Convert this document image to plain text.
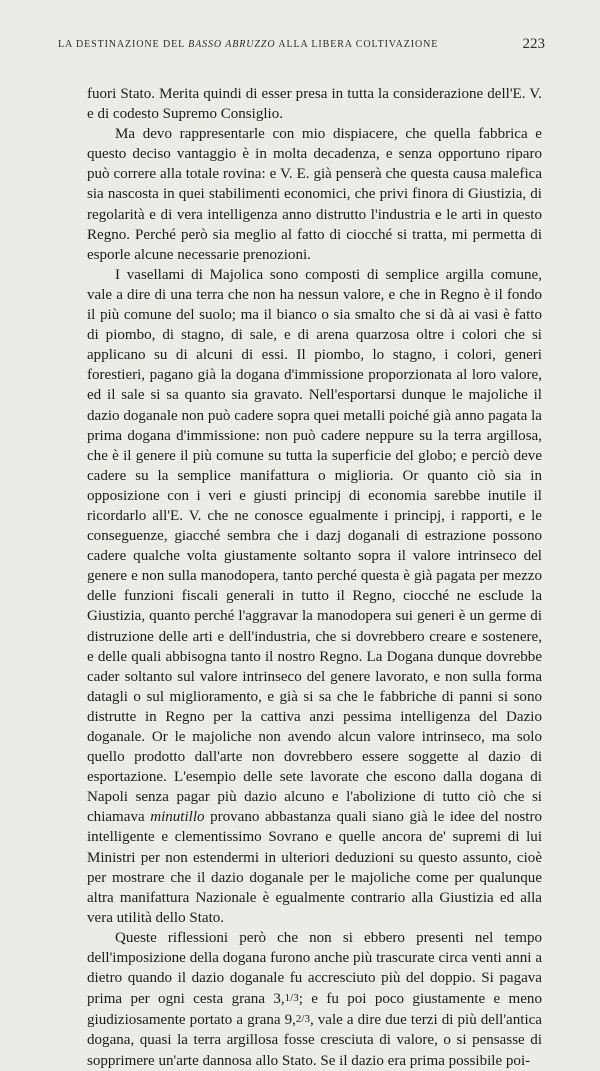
LA DESTINAZIONE DEL BASSO ABRUZZO ALLA LIBERA COLTIVAZIONE	223

fuori Stato. Merita quindi di esser presa in tutta la considerazione dell'E. V. e di codesto Supremo Consiglio.

Ma devo rappresentarle con mio dispiacere, che quella fabbrica e questo deciso vantaggio è in molta decadenza, e senza opportuno riparo può correre alla totale rovina: e V. E. già penserà che questa causa malefica sia nascosta in quei stabilimenti economici, che privi finora di Giustizia, di regolarità e di vera intelligenza anno distrutto l'industria e le arti in questo Regno. Perché però sia meglio al fatto di ciocché si tratta, mi permetta di esporle alcune necessarie prenozioni.

I vasellami di Majolica sono composti di semplice argilla comune, vale a dire di una terra che non ha nessun valore, e che in Regno è il fondo il più comune del suolo; ma il bianco o sia smalto che si dà ai vasi è fatto di piombo, di stagno, di sale, e di arena quarzosa oltre i colori che si applicano su di alcuni di essi. Il piombo, lo stagno, i colori, generi forestieri, pagano già la dogana d'immissione proporzionata al loro valore, ed il sale si sa quanto sia gravato. Nell'esportarsi dunque le majoliche il dazio doganale non può cadere sopra quei metalli poiché già anno pagata la prima dogana d'immissione: non può cadere neppure su la terra argillosa, che è il genere il più comune su tutta la superficie del globo; e perciò deve cadere su la semplice manifattura o miglioria. Or quanto ciò sia in opposizione con i veri e giusti principj di economia sarebbe inutile il ricordarlo all'E. V. che ne conosce egualmente i principj, i rapporti, e le conseguenze, giacché sembra che i dazj doganali di estrazione possono cadere qualche volta giustamente soltanto sopra il valore intrinseco del genere e non sulla manodopera, tanto perché questa è già pagata per mezzo delle funzioni fiscali generali in tutto il Regno, ciocché ne esclude la Giustizia, quanto perché l'aggravar la manodopera sui generi è un germe di distruzione delle arti e dell'industria, che si dovrebbero creare e sostenere, e delle quali abbisogna tanto il nostro Regno. La Dogana dunque dovrebbe cader soltanto sul valore intrinseco del genere lavorato, e non sulla forma datagli o sul miglioramento, e già si sa che le fabbriche di panni si sono distrutte in Regno per la cattiva anzi pessima intelligenza del Dazio doganale. Or le majoliche non avendo alcun valore intrinseco, ma solo quello prodotto dall'arte non dovrebbero essere soggette al dazio di esportazione. L'esempio delle sete lavorate che escono dalla dogana di Napoli senza pagar più dazio alcuno e l'abolizione di tutto ciò che si chiamava minutillo provano abbastanza quali siano già le idee del nostro intelligente e clementissimo Sovrano e quelle ancora de' supremi di lui Ministri per non estendermi in ulteriori deduzioni su questo assunto, cioè per mostrare che il dazio doganale per le majoliche come per qualunque altra manifattura Nazionale è egualmente contrario alla Giustizia ed alla vera utilità dello Stato.

Queste riflessioni però che non si ebbero presenti nel tempo dell'imposizione della dogana furono anche più trascurate circa venti anni a dietro quando il dazio doganale fu accresciuto più del doppio. Si pagava prima per ogni cesta grana 3,1/3; e fu poi poco giustamente e meno giudiziosamente portato a grana 9,2/3, vale a dire due terzi di più dell'antica dogana, quasi la terra argillosa fosse cresciuta di valore, o si pensasse di sopprimere un'arte dannosa allo Stato. Se il dazio era prima possibile poi-
